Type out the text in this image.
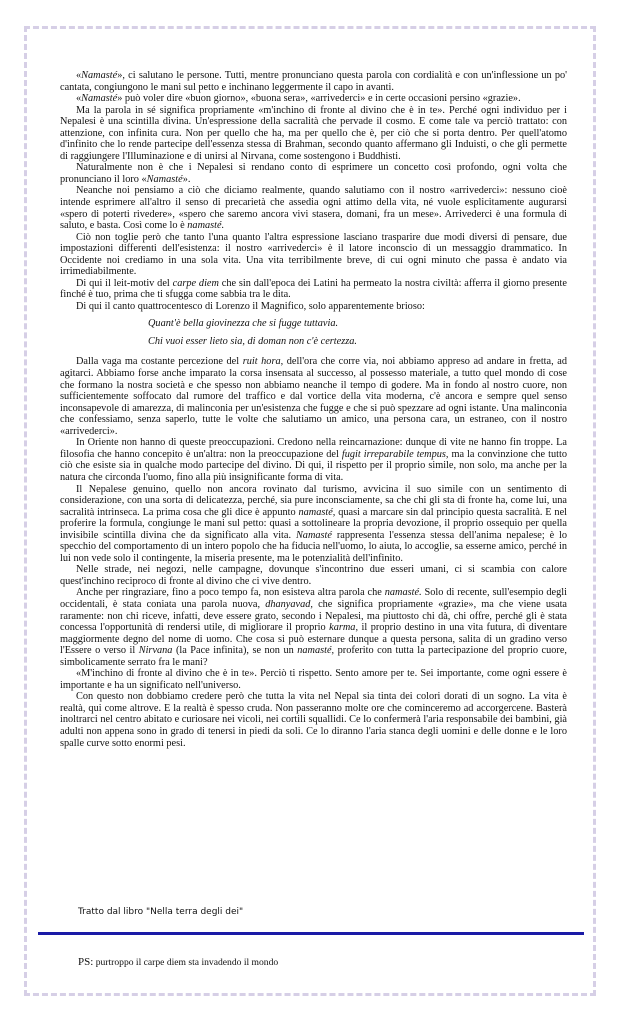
«Namasté», ci salutano le persone. Tutti, mentre pronunciano questa parola con cordialità e con un'inflessione un po' cantata, congiungono le mani sul petto e inchinano leggermente il capo in avanti.

«Namasté» può voler dire «buon giorno», «buona sera», «arrivederci» e in certe occasioni persino «grazie».

Ma la parola in sé significa propriamente «m'inchino di fronte al divino che è in te». Perché ogni individuo per i Nepalesi è una scintilla divina. Un'espressione della sacralità che pervade il cosmo. E come tale va perciò trattato: con attenzione, con infinita cura. Non per quello che ha, ma per quello che è, per ciò che si porta dentro. Per quell'atomo d'infinito che lo rende partecipe dell'essenza stessa di Brahman, secondo quanto affermano gli Induisti, o che gli permette di raggiungere l'Illuminazione e di unirsi al Nirvana, come sostengono i Buddhisti.

Naturalmente non è che i Nepalesi si rendano conto di esprimere un concetto così profondo, ogni volta che pronunciano il loro «Namasté».

Neanche noi pensiamo a ciò che diciamo realmente, quando salutiamo con il nostro «arrivederci»: nessuno cioè intende esprimere all'altro il senso di precarietà che assedia ogni attimo della vita, né vuole esplicitamente augurarsi «spero di poterti rivedere», «spero che saremo ancora vivi stasera, domani, fra un mese». Arrivederci è una formula di saluto, e basta. Così come lo è namasté.

Ciò non toglie però che tanto l'una quanto l'altra espressione lasciano trasparire due modi diversi di pensare, due impostazioni differenti dell'esistenza: il nostro «arrivederci» è il latore inconscio di un messaggio drammatico. In Occidente noi crediamo in una sola vita. Una vita terribilmente breve, di cui ogni minuto che passa è andato via irrimediabilmente.

Di qui il leit-motiv del carpe diem che sin dall'epoca dei Latini ha permeato la nostra civiltà: afferra il giorno presente finché è tuo, prima che ti sfugga come sabbia tra le dita.

Di qui il canto quattrocentesco di Lorenzo il Magnifico, solo apparentemente brioso:

Quant'è bella giovinezza che si fugge tuttavia.
Chi vuoi esser lieto sia, di doman non c'è certezza.

Dalla vaga ma costante percezione del ruit hora, dell'ora che corre via, noi abbiamo appreso ad andare in fretta, ad agitarci. Abbiamo forse anche imparato la corsa insensata al successo, al possesso materiale, a tutto quel mondo di cose che formano la nostra società e che spesso non abbiamo neanche il tempo di godere. Ma in fondo al nostro cuore, non sufficientemente soffocato dal rumore del traffico e dal vortice della vita moderna, c'è ancora e sempre quel senso inconsapevole di amarezza, di malinconia per un'esistenza che fugge e che si può spezzare ad ogni istante. Una malinconia che confessiamo, senza saperlo, tutte le volte che salutiamo un amico, una persona cara, un estraneo, con il nostro «arrivederci».

In Oriente non hanno di queste preoccupazioni. Credono nella reincarnazione: dunque di vite ne hanno fin troppe. La filosofia che hanno concepito è un'altra: non la preoccupazione del fugit irreparabile tempus, ma la convinzione che tutto ciò che esiste sia in qualche modo partecipe del divino. Di qui, il rispetto per il proprio simile, non solo, ma anche per la natura che circonda l'uomo, fino alla più insignificante forma di vita.

Il Nepalese genuino, quello non ancora rovinato dal turismo, avvicina il suo simile con un sentimento di considerazione, con una sorta di delicatezza, perché, sia pure inconsciamente, sa che chi gli sta di fronte ha, come lui, una sacralità intrinseca. La prima cosa che gli dice è appunto namasté, quasi a marcare sin dal principio questa sacralità. E nel proferire la formula, congiunge le mani sul petto: quasi a sottolineare la propria devozione, il proprio ossequio per quella invisibile scintilla divina che da significato alla vita. Namasté rappresenta l'essenza stessa dell'anima nepalese; è lo specchio del comportamento di un intero popolo che ha fiducia nell'uomo, lo aiuta, lo accoglie, sa esserne amico, perché in lui non vede solo il contingente, la miseria presente, ma le potenzialità dell'infinito.

Nelle strade, nei negozi, nelle campagne, dovunque s'incontrino due esseri umani, ci si scambia con calore quest'inchino reciproco di fronte al divino che ci vive dentro.

Anche per ringraziare, fino a poco tempo fa, non esisteva altra parola che namasté. Solo di recente, sull'esempio degli occidentali, è stata coniata una parola nuova, dhanyavad, che significa propriamente «grazie», ma che viene usata raramente: non chi riceve, infatti, deve essere grato, secondo i Nepalesi, ma piuttosto chi dà, chi offre, perché gli è stata concessa l'opportunità di rendersi utile, di migliorare il proprio karma, il proprio destino in una vita futura, di diventare maggiormente degno del nome di uomo. Che cosa si può esternare dunque a questa persona, salita di un gradino verso l'Essere o verso il Nirvana (la Pace infinita), se non un namasté, proferito con tutta la partecipazione del proprio cuore, simbolicamente serrato fra le mani?

«M'inchino di fronte al divino che è in te». Perciò ti rispetto. Sento amore per te. Sei importante, come ogni essere è importante e ha un significato nell'universo.

Con questo non dobbiamo credere però che tutta la vita nel Nepal sia tinta dei colori dorati di un sogno. La vita è realtà, qui come altrove. E la realtà è spesso cruda. Non passeranno molte ore che cominceremo ad accorgercene. Basterà inoltrarci nel centro abitato e curiosare nei vicoli, nei cortili squallidi. Ce lo confermerà l'aria responsabile dei bambini, già adulti non appena sono in grado di tenersi in piedi da soli. Ce lo diranno l'aria stanca degli uomini e delle donne e le loro spalle curve sotto enormi pesi.

Tratto dal libro "Nella terra degli dei"
PS: purtroppo il carpe diem sta invadendo il mondo
